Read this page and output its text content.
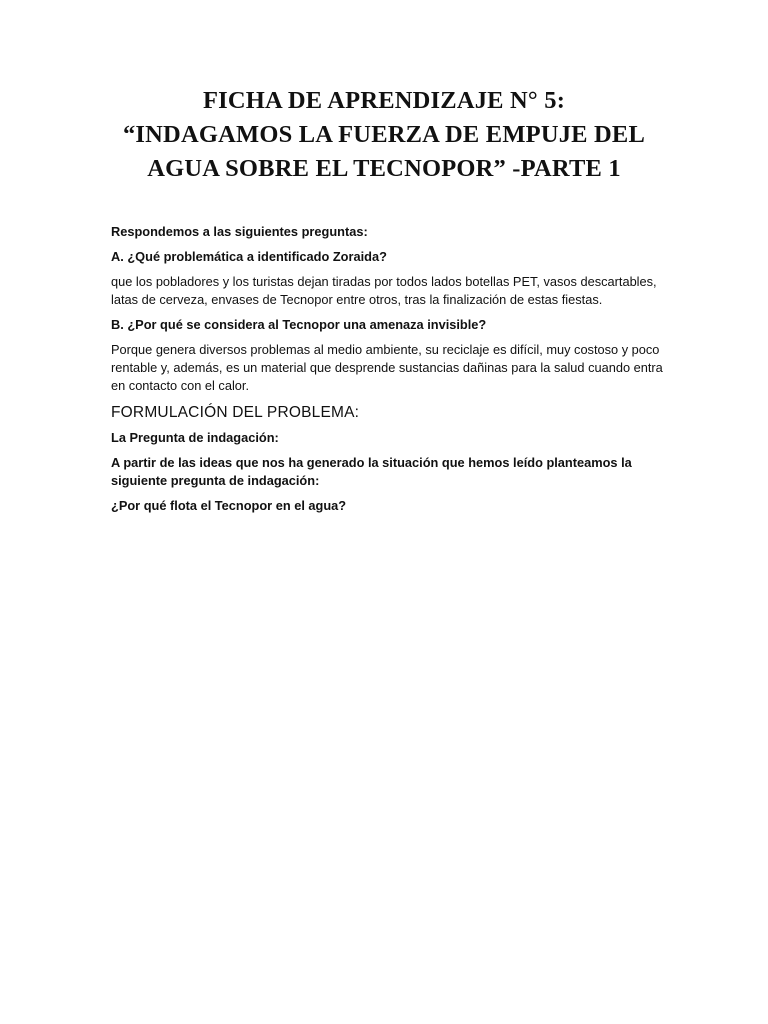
FICHA DE APRENDIZAJE N° 5:
“INDAGAMOS LA FUERZA DE EMPUJE DEL
AGUA SOBRE EL TECNOPOR” -PARTE 1

Respondemos a las siguientes preguntas:

A. ¿Qué problemática a identificado Zoraida?

que los pobladores y los turistas dejan tiradas por todos lados botellas PET, vasos descartables, latas de cerveza, envases de Tecnopor entre otros, tras la finalización de estas fiestas.

B. ¿Por qué se considera al Tecnopor una amenaza invisible?

Porque genera diversos problemas al medio ambiente, su reciclaje es difícil, muy costoso y poco rentable y, además, es un material que desprende sustancias dañinas para la salud cuando entra en contacto con el calor.

FORMULACIÓN DEL PROBLEMA:

La Pregunta de indagación:

A partir de las ideas que nos ha generado la situación que hemos leído planteamos la siguiente pregunta de indagación:

¿Por qué flota el Tecnopor en el agua?
